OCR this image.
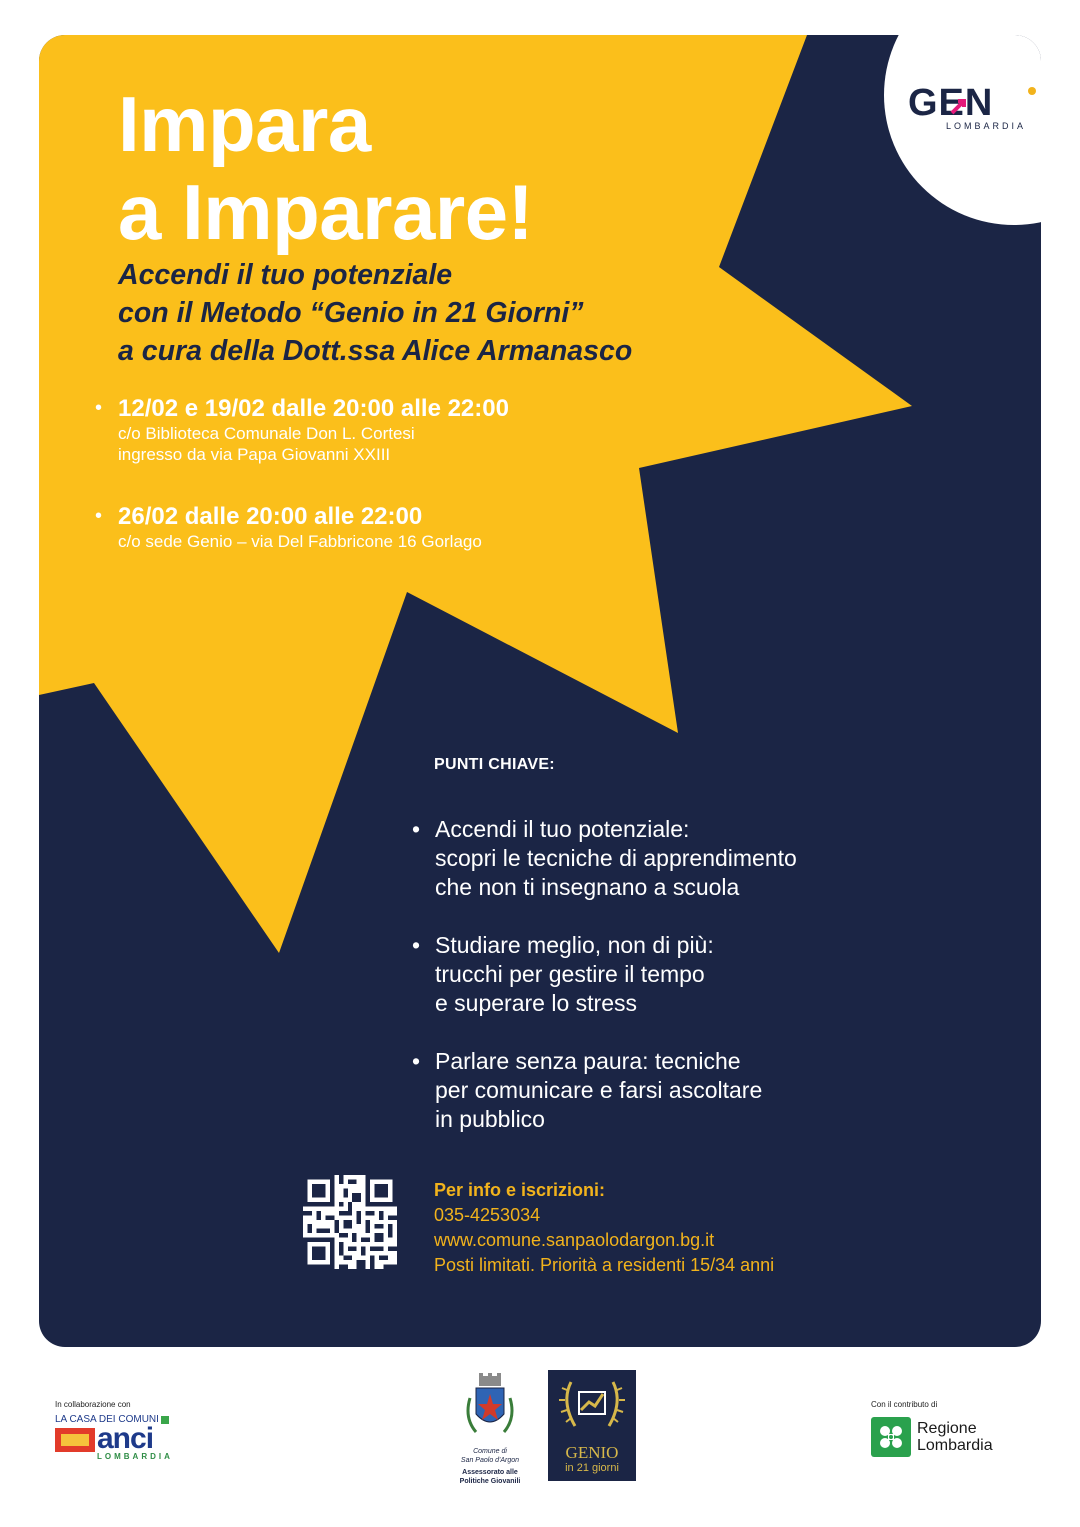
GEN
LOMBARDIA
Impara
a Imparare!
Accendi il tuo potenziale
con il Metodo “Genio in 21 Giorni”
a cura della Dott.ssa Alice Armanasco
• 12/02 e 19/02 dalle 20:00 alle 22:00
c/o Biblioteca Comunale Don L. Cortesi
ingresso da via Papa Giovanni XXIII
• 26/02 dalle 20:00 alle 22:00
c/o sede Genio – via Del Fabbricone 16 Gorlago
PUNTI CHIAVE:
• Accendi il tuo potenziale:
scopri le tecniche di apprendimento
che non ti insegnano a scuola
• Studiare meglio, non di più:
trucchi per gestire il tempo
e superare lo stress
• Parlare senza paura: tecniche
per comunicare e farsi ascoltare
in pubblico
Per info e iscrizioni:
035-4253034
www.comune.sanpaolodargon.bg.it
Posti limitati. Priorità a residenti 15/34 anni
In collaborazione con
LA CASA DEI COMUNI
anci
LOMBARDIA
Comune di
San Paolo d'Argon
Assessorato alle
Politiche Giovanili
GENIO
in 21 giorni
Con il contributo di
Regione
Lombardia
